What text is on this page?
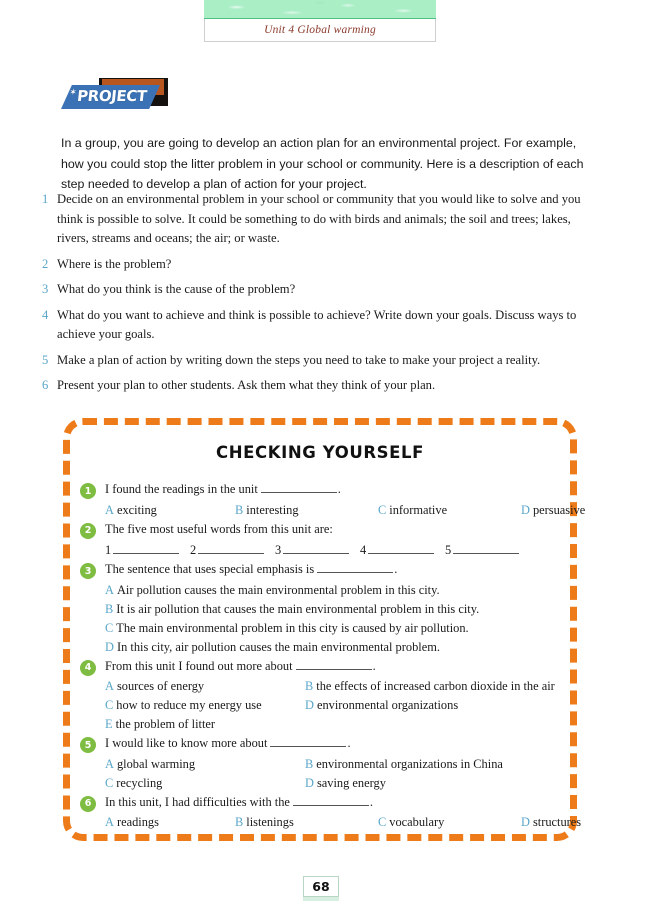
Unit 4 Global warming
✶ PROJECT

In a group, you are going to develop an action plan for an environmental project. For example, how you could stop the litter problem in your school or community. Here is a description of each step needed to develop a plan of action for your project.

1 Decide on an environmental problem in your school or community that you would like to solve and you think is possible to solve. It could be something to do with birds and animals; the soil and trees; lakes, rivers, streams and oceans; the air; or waste.
2 Where is the problem?
3 What do you think is the cause of the problem?
4 What do you want to achieve and think is possible to achieve? Write down your goals. Discuss ways to achieve your goals.
5 Make a plan of action by writing down the steps you need to take to make your project a reality.
6 Present your plan to other students. Ask them what they think of your plan.
CHECKING YOURSELF
1	I found the readings in the unit	.
A exciting	B interesting	C informative	D persuasive
2	The five most useful words from this unit are:
1	2	3	4	5
3	The sentence that uses special emphasis is	.
A Air pollution causes the main environmental problem in this city.
B It is air pollution that causes the main environmental problem in this city.
C The main environmental problem in this city is caused by air pollution.
D In this city, air pollution causes the main environmental problem.
4	From this unit I found out more about	.
A sources of energy	B the effects of increased carbon dioxide in the air
C how to reduce my energy use	D environmental organizations
E the problem of litter
5	I would like to know more about	.
A global warming	B environmental organizations in China
C recycling	D saving energy
6	In this unit, I had difficulties with the	.
A readings	B listenings	C vocabulary	D structures
68
